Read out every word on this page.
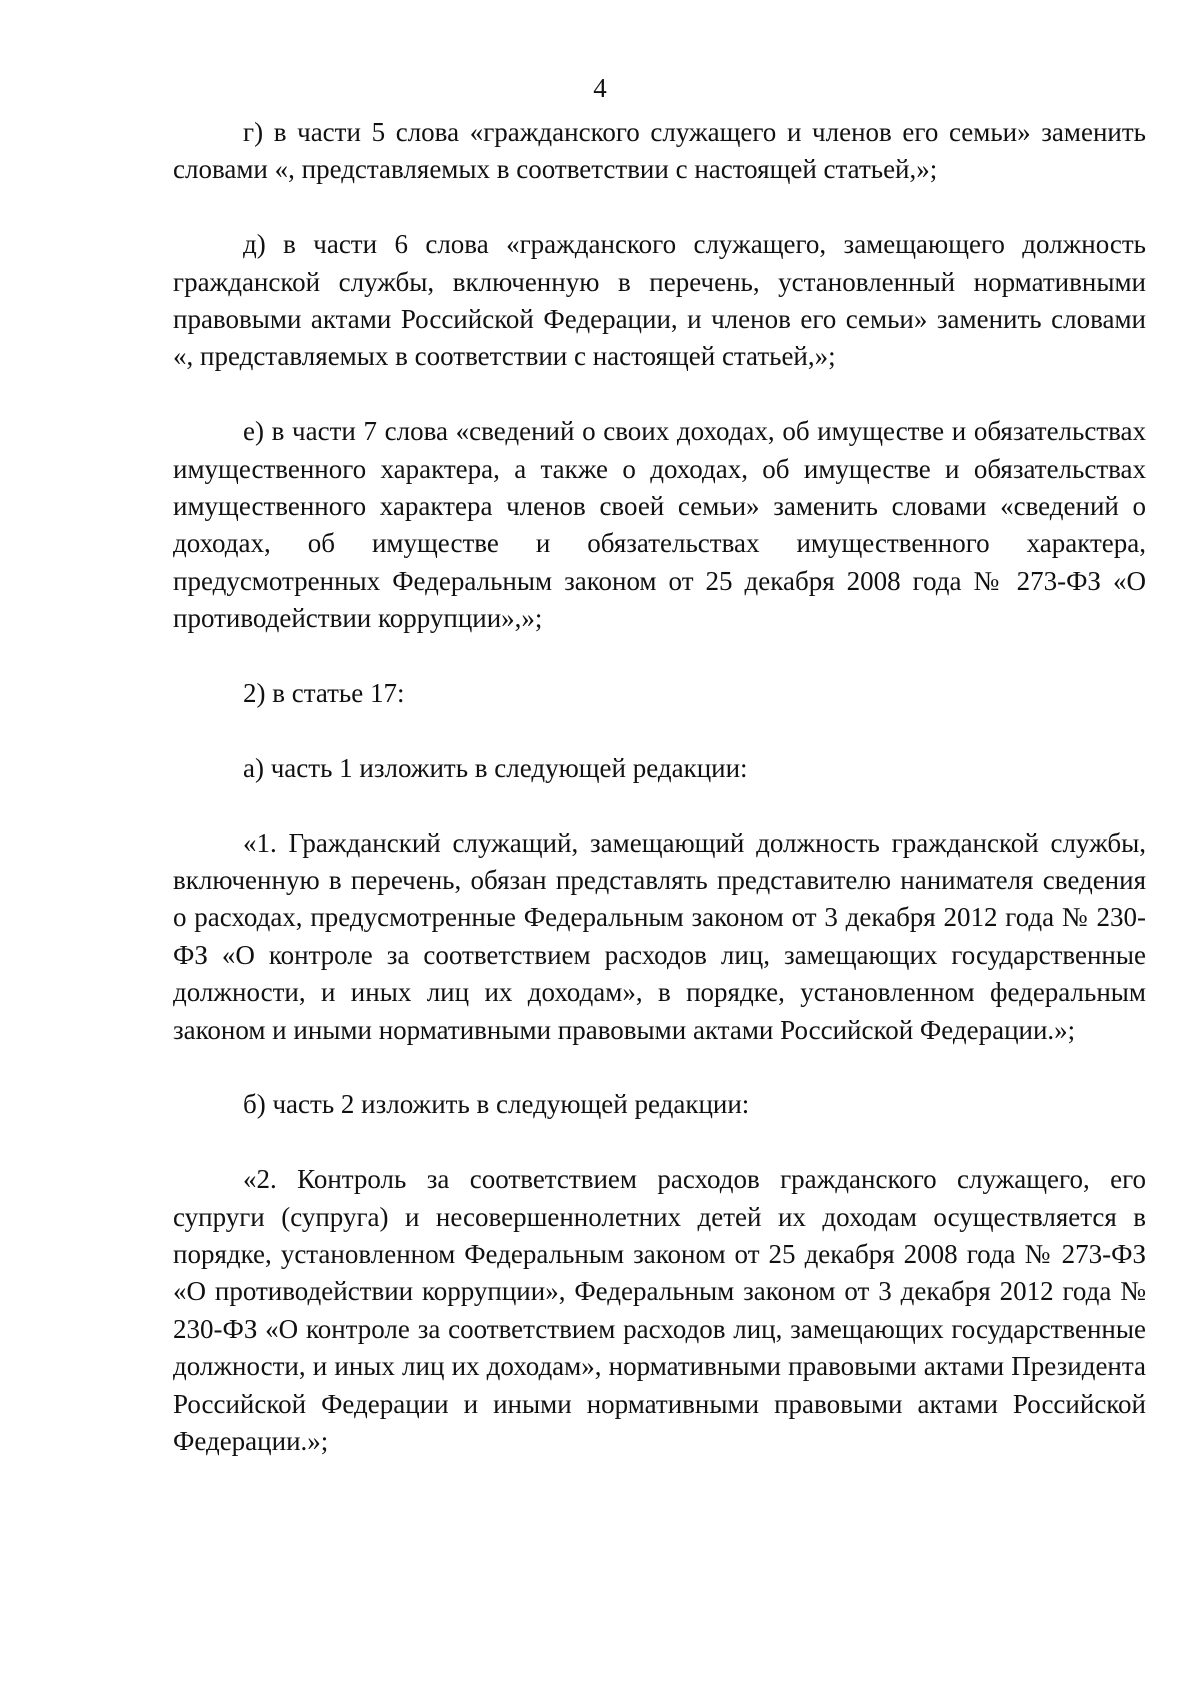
4

г) в части 5 слова «гражданского служащего и членов его семьи» заменить словами «, представляемых в соответствии с настоящей статьей,»;

д) в части 6 слова «гражданского служащего, замещающего должность гражданской службы, включенную в перечень, установленный нормативными правовыми актами Российской Федерации, и членов его семьи» заменить словами «, представляемых в соответствии с настоящей статьей,»;

е) в части 7 слова «сведений о своих доходах, об имуществе и обязательствах имущественного характера, а также о доходах, об имуществе и обязательствах имущественного характера членов своей семьи» заменить словами «сведений о доходах, об имуществе и обязательствах имущественного характера, предусмотренных Федеральным законом от 25 декабря 2008 года № 273-ФЗ «О противодействии коррупции»,»;

2) в статье 17:

а) часть 1 изложить в следующей редакции:

«1. Гражданский служащий, замещающий должность гражданской службы, включенную в перечень, обязан представлять представителю нанимателя сведения о расходах, предусмотренные Федеральным законом от 3 декабря 2012 года № 230-ФЗ «О контроле за соответствием расходов лиц, замещающих государственные должности, и иных лиц их доходам», в порядке, установленном федеральным законом и иными нормативными правовыми актами Российской Федерации.»;

б) часть 2 изложить в следующей редакции:

«2. Контроль за соответствием расходов гражданского служащего, его супруги (супруга) и несовершеннолетних детей их доходам осуществляется в порядке, установленном Федеральным законом от 25 декабря 2008 года № 273-ФЗ «О противодействии коррупции», Федеральным законом от 3 декабря 2012 года № 230-ФЗ «О контроле за соответствием расходов лиц, замещающих государственные должности, и иных лиц их доходам», нормативными правовыми актами Президента Российской Федерации и иными нормативными правовыми актами Российской Федерации.»;
